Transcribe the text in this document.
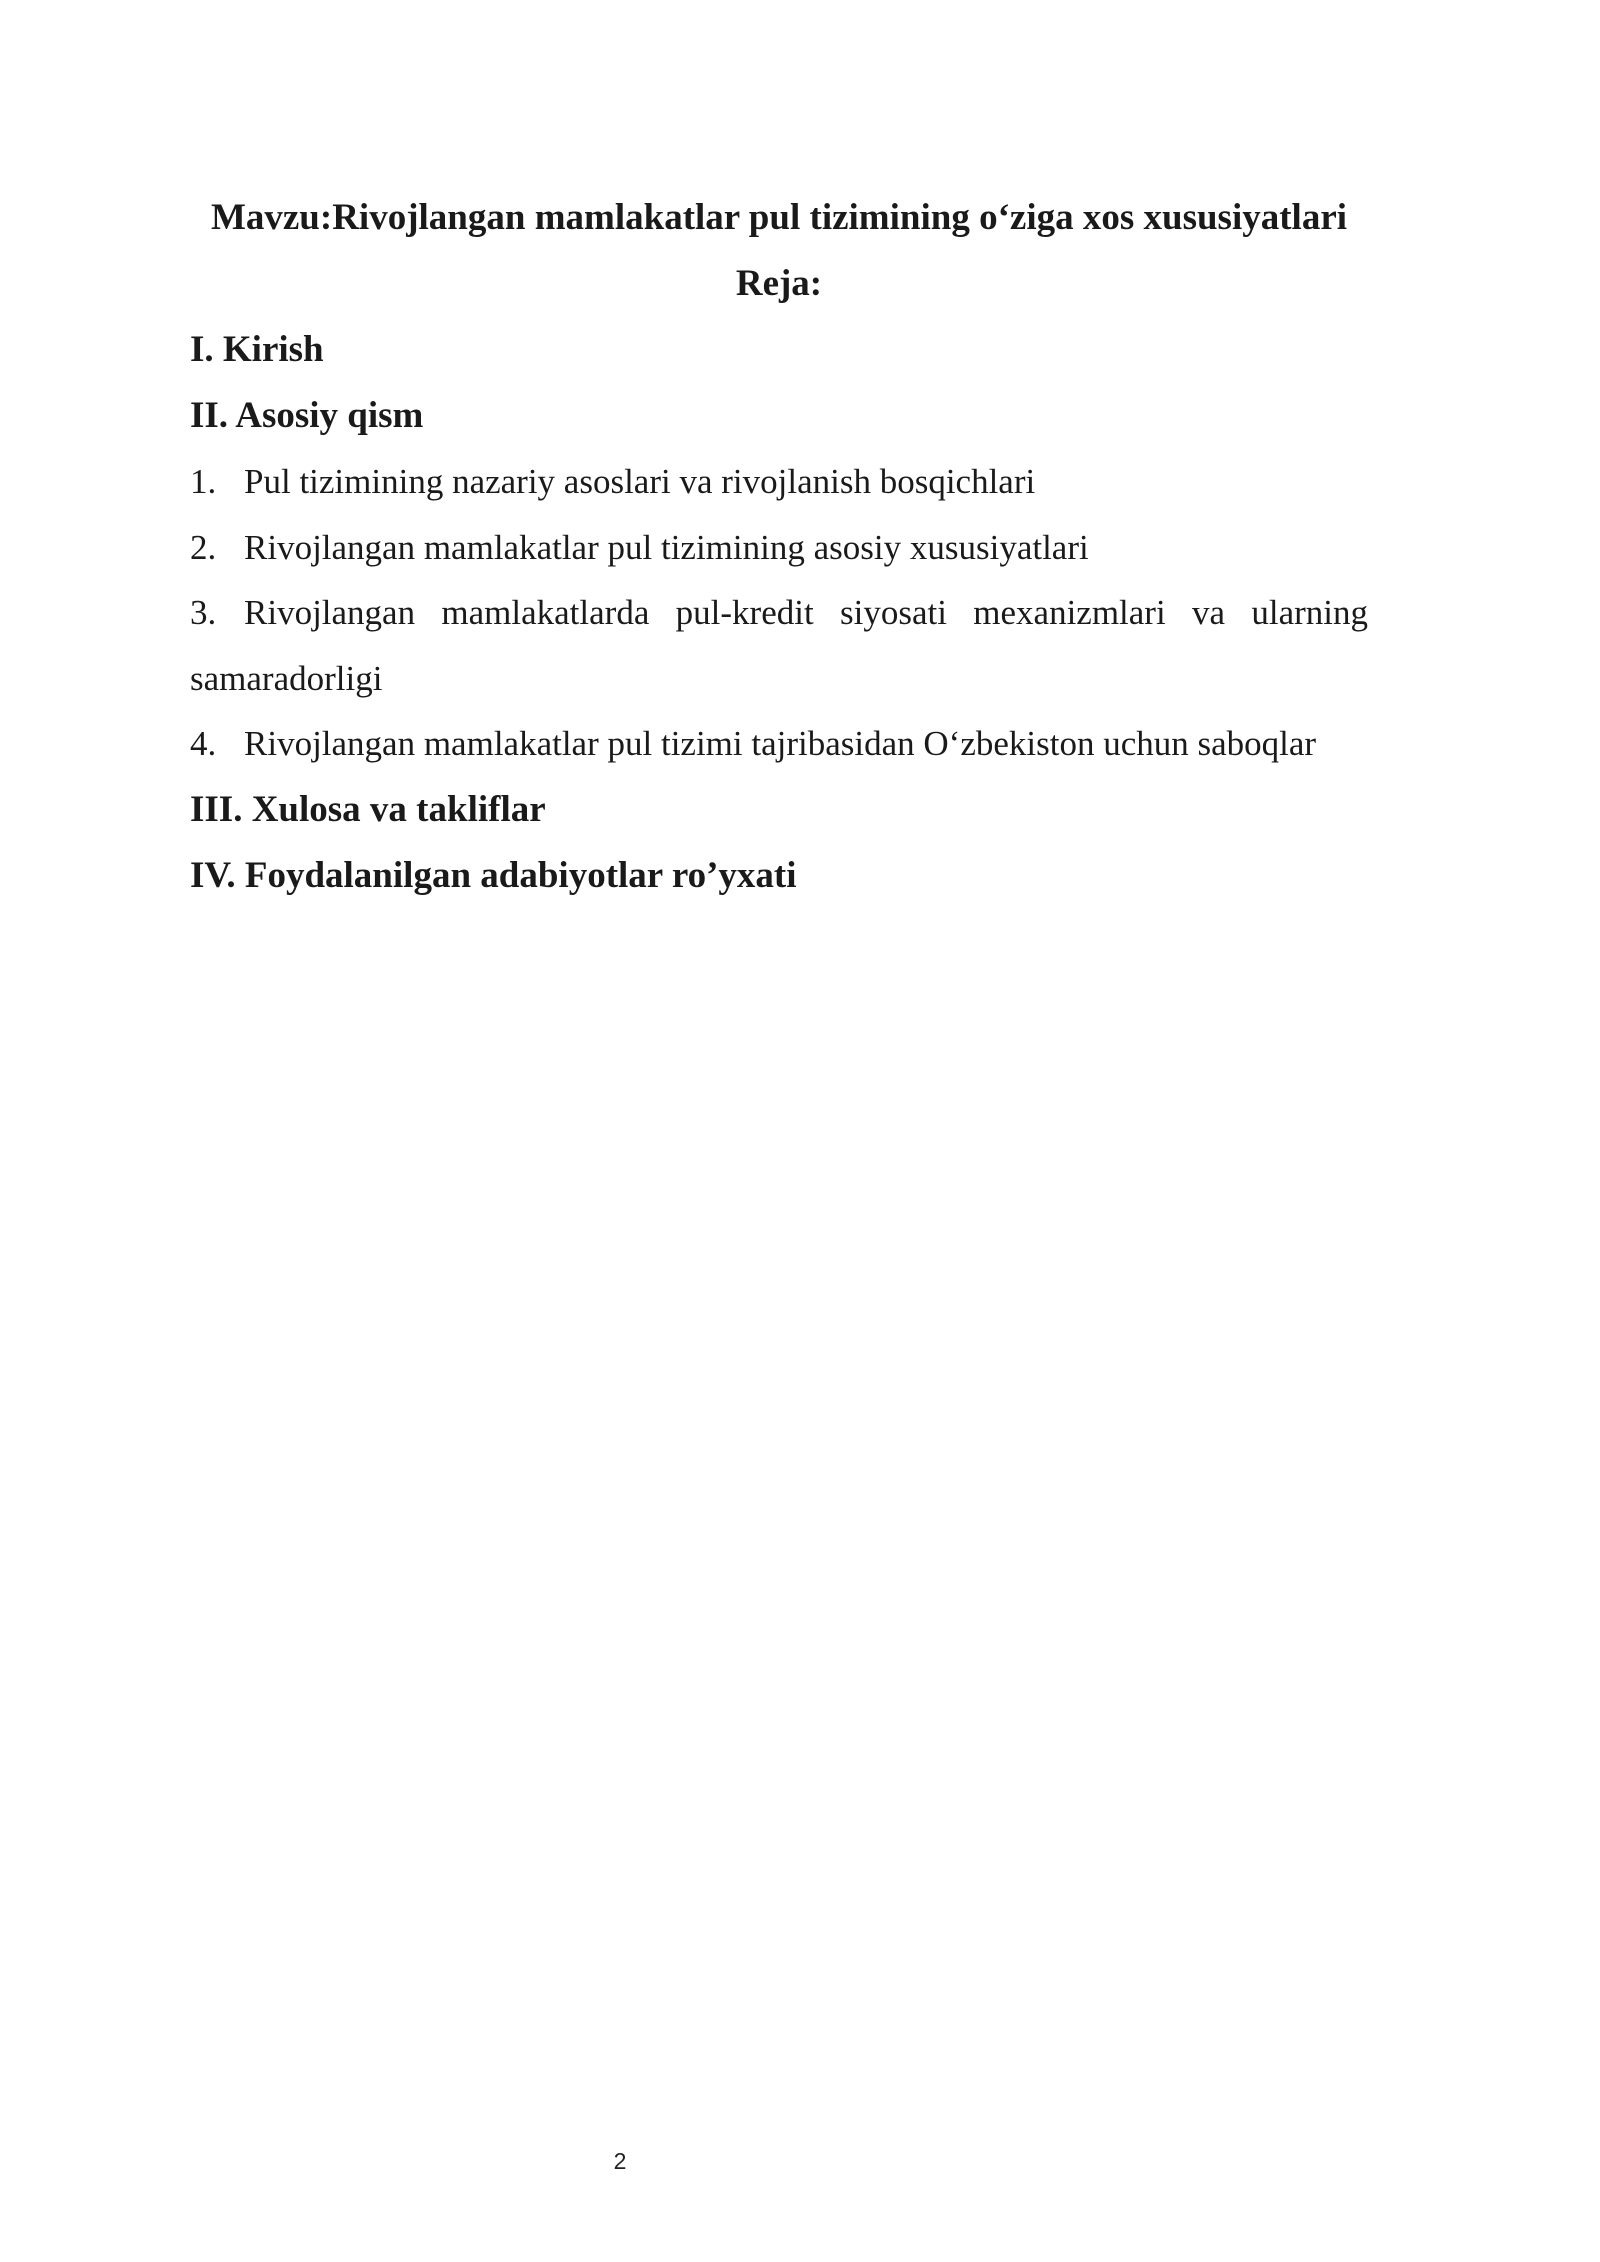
Mavzu:Rivojlangan mamlakatlar pul tizimining o‘ziga xos xususiyatlari

Reja:

I. Kirish

II. Asosiy qism

1. Pul tizimining nazariy asoslari va rivojlanish bosqichlari

2. Rivojlangan mamlakatlar pul tizimining asosiy xususiyatlari

3. Rivojlangan mamlakatlarda pul-kredit siyosati mexanizmlari va ularning samaradorligi

4. Rivojlangan mamlakatlar pul tizimi tajribasidan O‘zbekiston uchun saboqlar

III. Xulosa va takliflar

IV. Foydalanilgan adabiyotlar ro’yxati

2
